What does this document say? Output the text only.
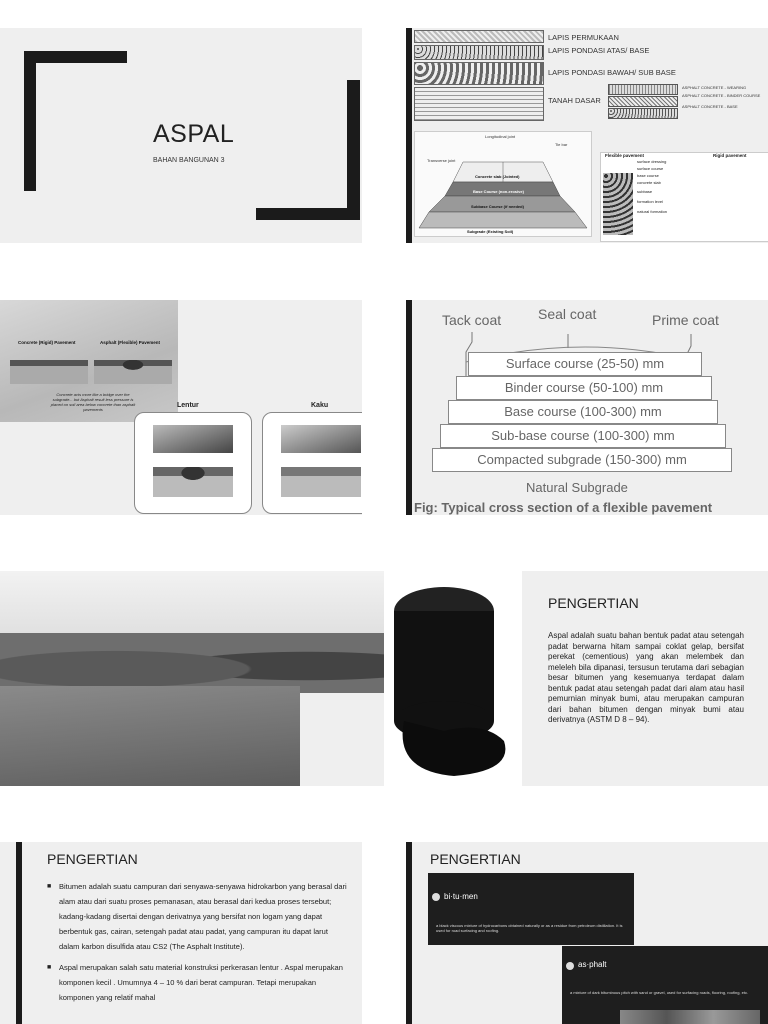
ASPAL
BAHAN BANGUNAN 3
LAPIS PERMUKAAN
LAPIS PONDASI ATAS/ BASE
LAPIS PONDASI BAWAH/ SUB BASE
TANAH DASAR
ASPHALT CONCRETE - WEARING
ASPHALT CONCRETE - BINDER COURSE
ASPHALT CONCRETE - BASE
Longitudinal joint
Tie bar
Transverse joint
Concrete slab (Jointed)
Base Course (non-erosive)
Subbase Course (if needed)
Subgrade (Existing Soil)
Flexible pavement	Rigid pavement
surface dressing
surface course
base course
concrete slab
subbase
formation level
natural formation
Concrete (Rigid) Pavement	Asphalt (Flexible) Pavement
Concrete acts more like a bridge over the subgrade... but Asphalt result less pressure is placed on soil area below concrete than asphalt pavements
Lentur	Kaku
Tack coat	Seal coat	Prime coat
Surface course (25-50) mm
Binder course (50-100) mm
Base course (100-300) mm
Sub-base course (100-300) mm
Compacted subgrade (150-300) mm
Natural Subgrade
Fig: Typical cross section of a flexible pavement
PENGERTIAN
Aspal adalah suatu bahan bentuk padat atau setengah padat berwarna hitam sampai coklat gelap, bersifat perekat (cementious) yang akan melembek dan meleleh bila dipanasi, tersusun terutama dari sebagian besar bitumen yang kesemuanya terdapat dalam bentuk padat atau setengah padat dari alam atau hasil pemurnian minyak bumi, atau merupakan campuran dari bahan bitumen dengan minyak bumi atau derivatnya (ASTM D 8 – 94).
PENGERTIAN

■ Bitumen adalah suatu campuran dari senyawa-senyawa hidrokarbon yang berasal dari alam atau dari suatu proses pemanasan, atau berasal dari kedua proses tersebut; kadang-kadang disertai dengan derivatnya yang bersifat non logam yang dapat berbentuk gas, cairan, setengah padat atau padat, yang campuran itu dapat larut dalam karbon disulfida atau CS2 (The Asphalt Institute).

■ Aspal merupakan salah satu material konstruksi perkerasan lentur . Aspal merupakan komponen kecil . Umumnya 4 – 10 % dari berat campuran. Tetapi merupakan komponen yang relatif mahal

PENGERTIAN
bi·tu·men
a black viscous mixture of hydrocarbons obtained naturally or as a residue from petroleum distillation. It is used for road surfacing and roofing.
as·phalt
a mixture of dark bituminous pitch with sand or gravel, used for surfacing roads, flooring, roofing, etc.
